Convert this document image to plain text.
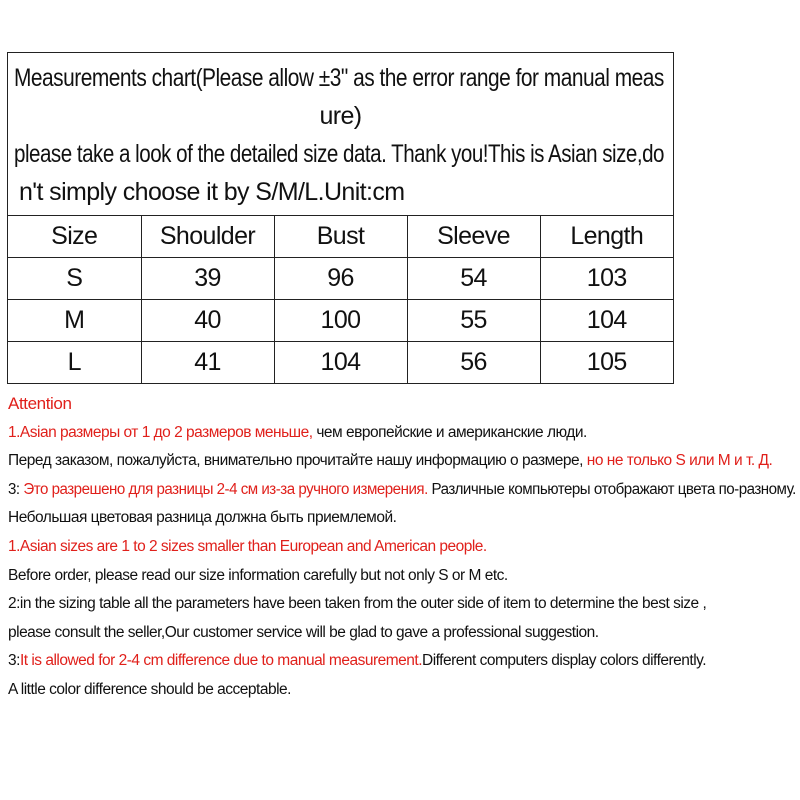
Measurements chart(Please allow ±3" as the error range for manual meas
ure)
please take a look of the detailed size data. Thank you!This is Asian size,do
n't simply choose it by S/M/L.Unit:cm
Size	Shoulder	Bust	Sleeve	Length
S	39	96	54	103
M	40	100	55	104
L	41	104	56	105
Attention
1.Asian размеры от 1 до 2 размеров меньше, чем европейские и американские люди.
Перед заказом, пожалуйста, внимательно прочитайте нашу информацию о размере, но не только S или M и т. Д.
3: Это разрешено для разницы 2-4 см из-за ручного измерения. Различные компьютеры отображают цвета по-разному.
Небольшая цветовая разница должна быть приемлемой.
1.Asian sizes are 1 to 2 sizes smaller than European and American people.
Before order, please read our size information carefully but not only S or M etc.
2:in the sizing table all the parameters have been taken from the outer side of item to determine the best size ,
please consult the seller,Our customer service will be glad to gave a professional suggestion.
3:It is allowed for 2-4 cm difference due to manual measurement.Different computers display colors differently.
A little color difference should be acceptable.
